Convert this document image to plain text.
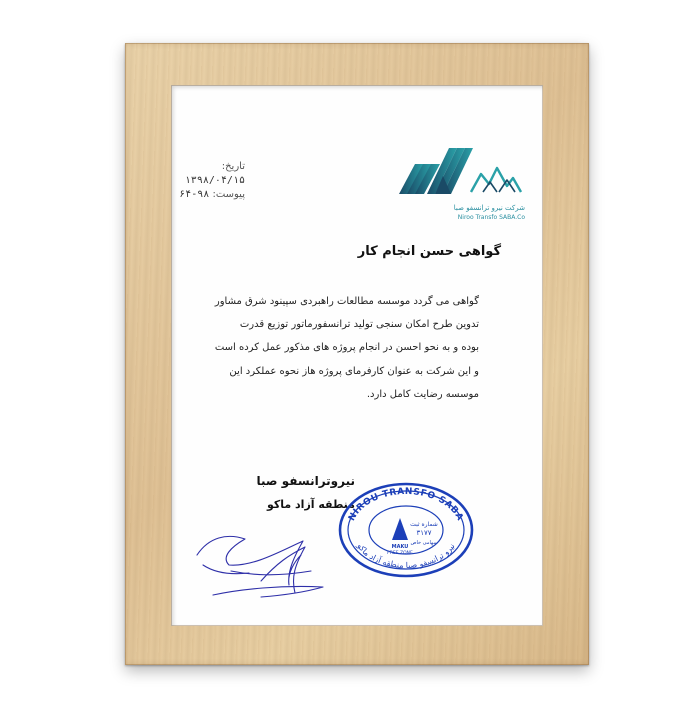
تاریخ:
۱۳۹۸/۰۴/۱۵
پیوست: ۹۸-۶۴
شرکت نیرو ترانسفو صبا
Niroo Transfo SABA.Co
گواهی حسن انجام کار
گواهی می گردد موسسه مطالعات راهبردی سپینود شرق مشاور
تدوین طرح امکان سنجی تولید ترانسفورماتور توزیع قدرت
بوده و به نحو احسن در انجام پروژه های مذکور عمل کرده است
و این شرکت به عنوان کارفرمای پروژه هاز نحوه عملکرد این
موسسه رضایت کامل دارد.
نیروترانسفو صبا
منطقه آزاد ماکو
NIROU TRANSFO SABA
نیرو ترانسفو صبا منطقه آزاد ماکو
MAKU
FREE ZONE
شماره ثبت
۳۱۷۷
سهامی خاص
